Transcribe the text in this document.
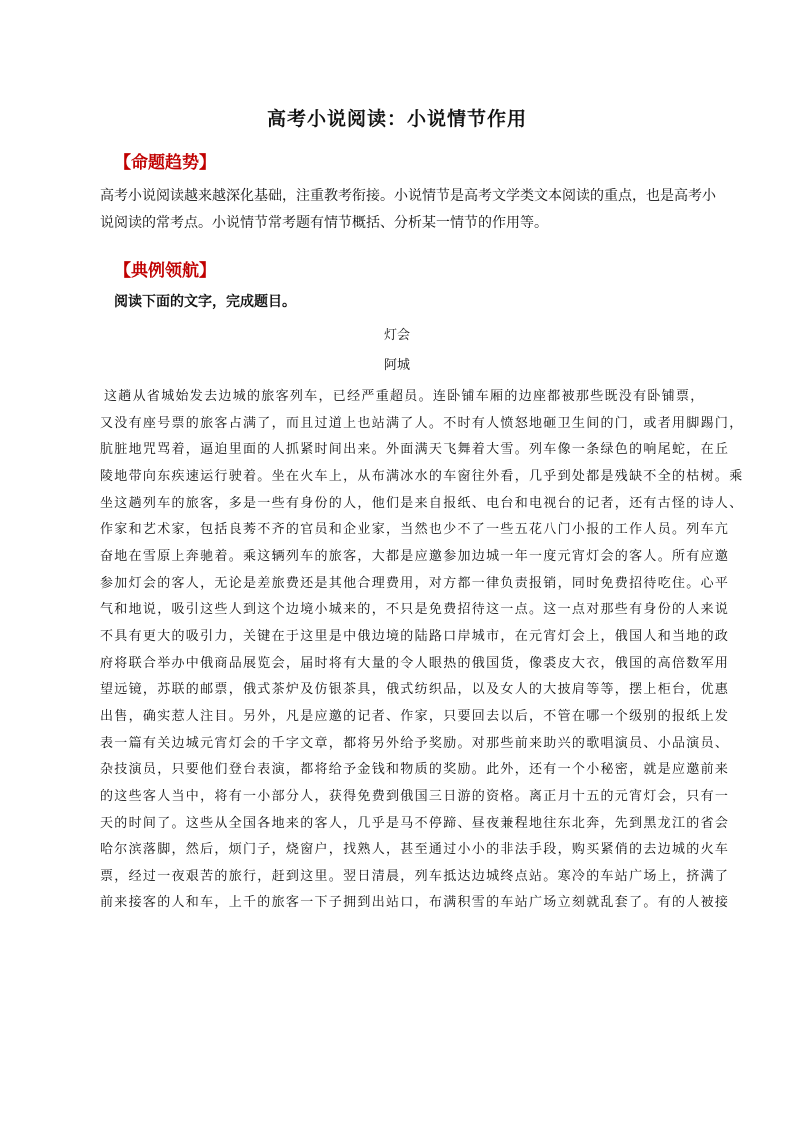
高考小说阅读：小说情节作用
【命题趋势】
高考小说阅读越来越深化基础，注重教考衔接。小说情节是高考文学类文本阅读的重点，也是高考小
说阅读的常考点。小说情节常考题有情节概括、分析某一情节的作用等。
【典例领航】
阅读下面的文字，完成题目。
灯会
阿城
这趟从省城始发去边城的旅客列车，已经严重超员。连卧铺车厢的边座都被那些既没有卧铺票，
又没有座号票的旅客占满了，而且过道上也站满了人。不时有人愤怒地砸卫生间的门，或者用脚踢门，
肮脏地咒骂着，逼迫里面的人抓紧时间出来。外面满天飞舞着大雪。列车像一条绿色的响尾蛇，在丘
陵地带向东疾速运行驶着。坐在火车上，从布满冰水的车窗往外看，几乎到处都是残缺不全的枯树。乘
坐这趟列车的旅客，多是一些有身份的人，他们是来自报纸、电台和电视台的记者，还有古怪的诗人、
作家和艺术家，包括良莠不齐的官员和企业家，当然也少不了一些五花八门小报的工作人员。列车亢
奋地在雪原上奔驰着。乘这辆列车的旅客，大都是应邀参加边城一年一度元宵灯会的客人。所有应邀
参加灯会的客人，无论是差旅费还是其他合理费用，对方都一律负责报销，同时免费招待吃住。心平
气和地说，吸引这些人到这个边境小城来的，不只是免费招待这一点。这一点对那些有身份的人来说
不具有更大的吸引力，关键在于这里是中俄边境的陆路口岸城市，在元宵灯会上，俄国人和当地的政
府将联合举办中俄商品展览会，届时将有大量的令人眼热的俄国货，像裘皮大衣，俄国的高倍数军用
望远镜，苏联的邮票，俄式茶炉及仿银茶具，俄式纺织品，以及女人的大披肩等等，摆上柜台，优惠
出售，确实惹人注目。另外，凡是应邀的记者、作家，只要回去以后，不管在哪一个级别的报纸上发
表一篇有关边城元宵灯会的千字文章，都将另外给予奖励。对那些前来助兴的歌唱演员、小品演员、
杂技演员，只要他们登台表演，都将给予金钱和物质的奖励。此外，还有一个小秘密，就是应邀前来
的这些客人当中，将有一小部分人，获得免费到俄国三日游的资格。离正月十五的元宵灯会，只有一
天的时间了。这些从全国各地来的客人，几乎是马不停蹄、昼夜兼程地往东北奔，先到黑龙江的省会
哈尔滨落脚，然后，烦门子，烧窗户，找熟人，甚至通过小小的非法手段，购买紧俏的去边城的火车
票，经过一夜艰苦的旅行，赶到这里。翌日清晨，列车抵达边城终点站。寒冷的车站广场上，挤满了
前来接客的人和车，上千的旅客一下子拥到出站口，布满积雪的车站广场立刻就乱套了。有的人被接
